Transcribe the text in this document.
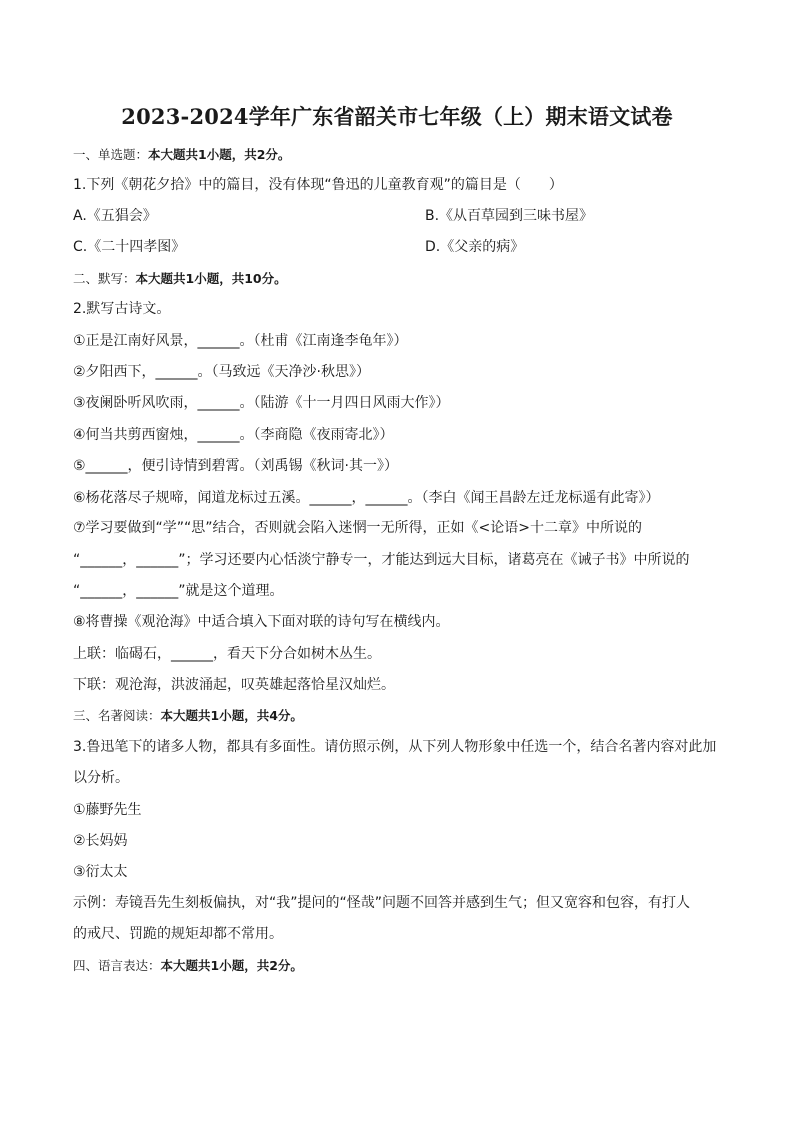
2023-2024学年广东省韶关市七年级（上）期末语文试卷
一、单选题：本大题共1小题，共2分。
1.下列《朝花夕拾》中的篇目，没有体现“鲁迅的儿童教育观”的篇目是（　　）
A.《五猖会》	B.《从百草园到三味书屋》
C.《二十四孝图》	D.《父亲的病》
二、默写：本大题共1小题，共10分。
2.默写古诗文。
①正是江南好风景，______。（杜甫《江南逢李龟年》）
②夕阳西下，______。（马致远《天净沙·秋思》）
③夜阑卧听风吹雨，______。（陆游《十一月四日风雨大作》）
④何当共剪西窗烛，______。（李商隐《夜雨寄北》）
⑤______，便引诗情到碧霄。（刘禹锡《秋词·其一》）
⑥杨花落尽子规啼，闻道龙标过五溪。______，______。（李白《闻王昌龄左迁龙标遥有此寄》）
⑦学习要做到“学”“思”结合，否则就会陷入迷惘一无所得，正如《<论语>十二章》中所说的
“______，______”；学习还要内心恬淡宁静专一，才能达到远大目标，诸葛亮在《诫子书》中所说的
“______，______”就是这个道理。
⑧将曹操《观沧海》中适合填入下面对联的诗句写在横线内。
上联：临碣石，______，看天下分合如树木丛生。
下联：观沧海，洪波涌起，叹英雄起落恰星汉灿烂。
三、名著阅读：本大题共1小题，共4分。
3.鲁迅笔下的诸多人物，都具有多面性。请仿照示例，从下列人物形象中任选一个，结合名著内容对此加
以分析。
①藤野先生
②长妈妈
③衍太太
示例：寿镜吾先生刻板偏执，对“我”提问的“怪哉”问题不回答并感到生气；但又宽容和包容，有打人
的戒尺、罚跪的规矩却都不常用。
四、语言表达：本大题共1小题，共2分。
